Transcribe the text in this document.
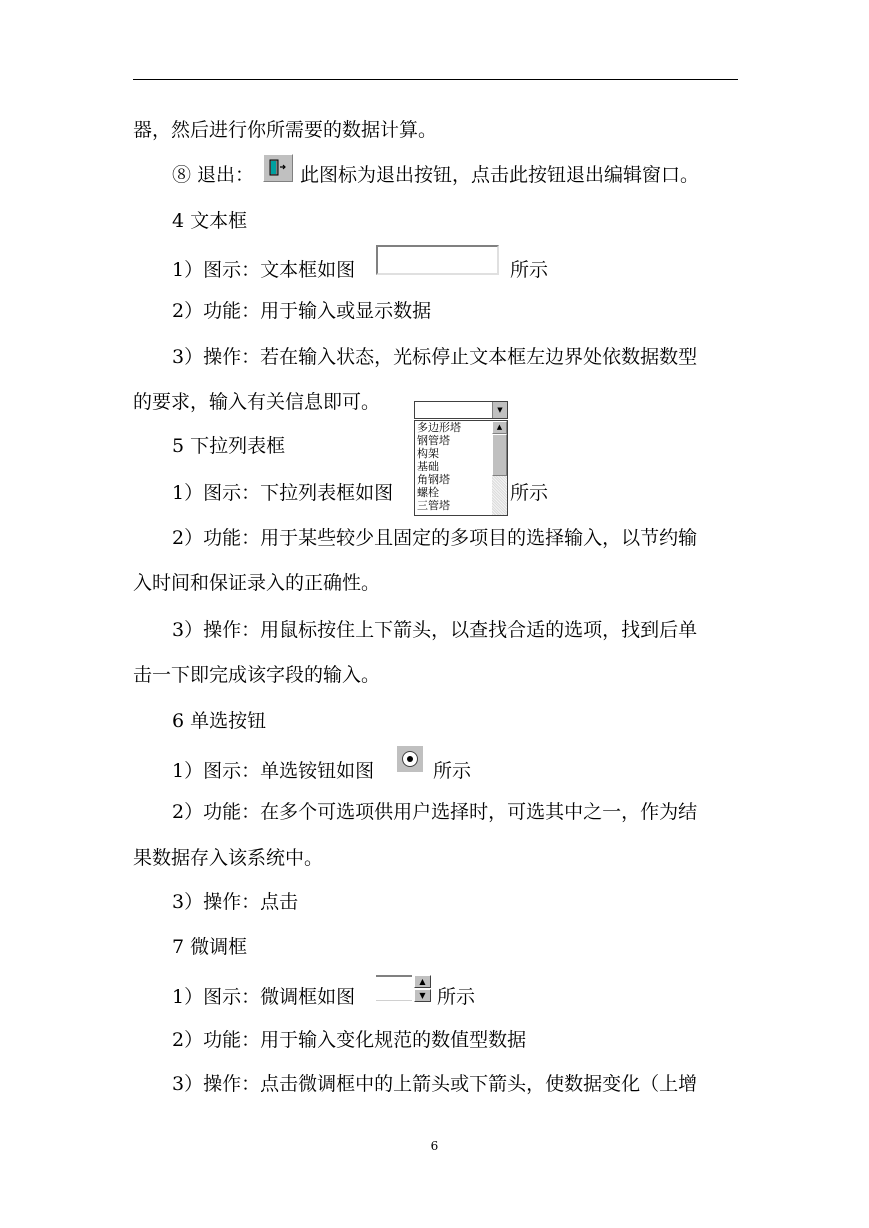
器，然后进行你所需要的数据计算。
⑧ 退出： 此图标为退出按钮，点击此按钮退出编辑窗口。
4 文本框
1）图示：文本框如图	所示
2）功能：用于输入或显示数据
3）操作：若在输入状态，光标停止文本框左边界处依数据数型
的要求，输入有关信息即可。
5 下拉列表框
▼
多边形塔
钢管塔
构架
基础
角钢塔
螺栓
三管塔
▲
1）图示：下拉列表框如图	所示
2）功能：用于某些较少且固定的多项目的选择输入，以节约输
入时间和保证录入的正确性。
3）操作：用鼠标按住上下箭头，以查找合适的选项，找到后单
击一下即完成该字段的输入。
6 单选按钮
1）图示：单选铵钮如图	所示
2）功能：在多个可选项供用户选择时，可选其中之一，作为结
果数据存入该系统中。
3）操作：点击
7 微调框
1）图示：微调框如图
▲
▼ 所示
2）功能：用于输入变化规范的数值型数据
3）操作：点击微调框中的上箭头或下箭头，使数据变化（上增
6
